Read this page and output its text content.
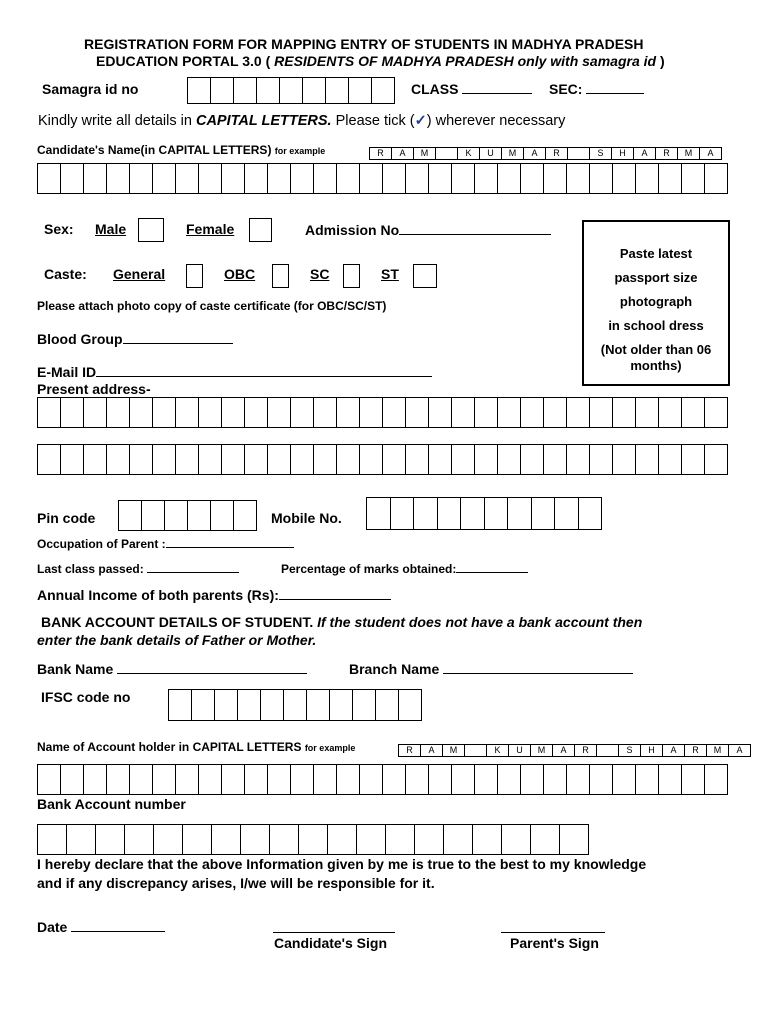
REGISTRATION FORM FOR MAPPING ENTRY OF STUDENTS IN MADHYA PRADESH
EDUCATION PORTAL 3.0 ( RESIDENTS OF MADHYA PRADESH only with samagra id )
Samagra id no	CLASS	SEC:
Kindly write all details in CAPITAL LETTERS. Please tick (✓) wherever necessary
Candidate's Name(in CAPITAL LETTERS) for example	R	A	M	K	U	M	A	R	S	H	A	R	M	A
Sex: Male	Female	Admission No
Paste latest
passport size
photograph
in school dress
(Not older than 06 months)
Caste: General	OBC	SC	ST
Please attach photo copy of caste certificate (for OBC/SC/ST)
Blood Group
E-Mail ID
Present address-
Pin code	Mobile No.
Occupation of Parent :
Last class passed:	Percentage of marks obtained:
Annual Income of both parents (Rs):
BANK ACCOUNT DETAILS OF STUDENT. If the student does not have a bank account then
enter the bank details of Father or Mother.
Bank Name	Branch Name
IFSC code no
Name of Account holder in CAPITAL LETTERS for example	R	A	M	K	U	M	A	R	S	H	A	R	M	A
Bank Account number
I hereby declare that the above Information given by me is true to the best to my knowledge
and if any discrepancy arises, I/we will be responsible for it.
Date
Candidate's Sign	Parent's Sign
